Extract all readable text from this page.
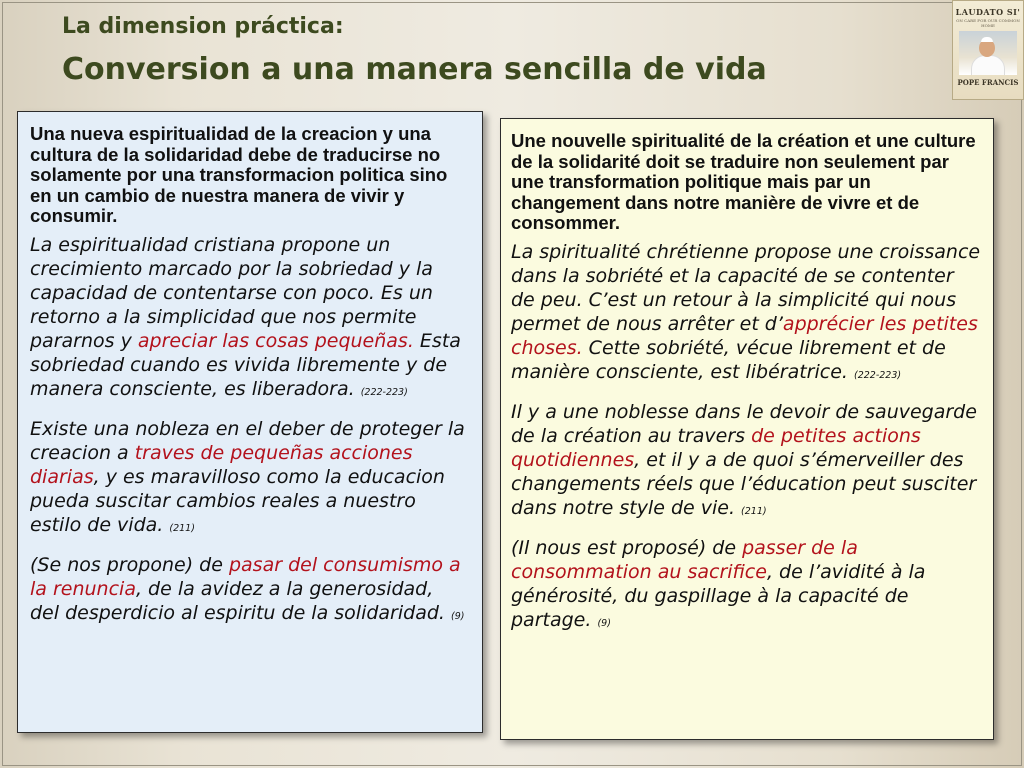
La dimension práctica:
Conversion a una manera sencilla de vida
LAUDATO SI'
ON CARE FOR OUR COMMON HOME
POPE FRANCIS

Una nueva espiritualidad de la creacion y una cultura de la solidaridad debe de traducirse no solamente por una transformacion politica sino en un cambio de nuestra manera de vivir y consumir.

La espiritualidad cristiana propone un crecimiento marcado por la sobriedad y la capacidad de contentarse con poco. Es un retorno a la simplicidad que nos permite pararnos y apreciar las cosas pequeñas. Esta sobriedad cuando es vivida libremente y de manera consciente, es liberadora. (222-223)

Existe una nobleza en el deber de proteger la creacion a traves de pequeñas acciones diarias, y es maravilloso como la educacion pueda suscitar cambios reales a nuestro estilo de vida. (211)

(Se nos propone) de pasar del consumismo a la renuncia, de la avidez a la generosidad, del desperdicio al espiritu de la solidaridad. (9)

Une nouvelle spiritualité de la création et une culture de la solidarité doit se traduire non seulement par une transformation politique mais par un changement dans notre manière de vivre et de consommer.

La spiritualité chrétienne propose une croissance dans la sobriété et la capacité de se contenter de peu. C’est un retour à la simplicité qui nous permet de nous arrêter et d’apprécier les petites choses. Cette sobriété, vécue librement et de manière consciente, est libératrice. (222-223)

Il y a une noblesse dans le devoir de sauvegarde de la création au travers de petites actions quotidiennes, et il y a de quoi s’émerveiller des changements réels que l’éducation peut susciter dans notre style de vie. (211)

(Il nous est proposé) de passer de la consommation au sacrifice, de l’avidité à la générosité, du gaspillage à la capacité de partage. (9)
